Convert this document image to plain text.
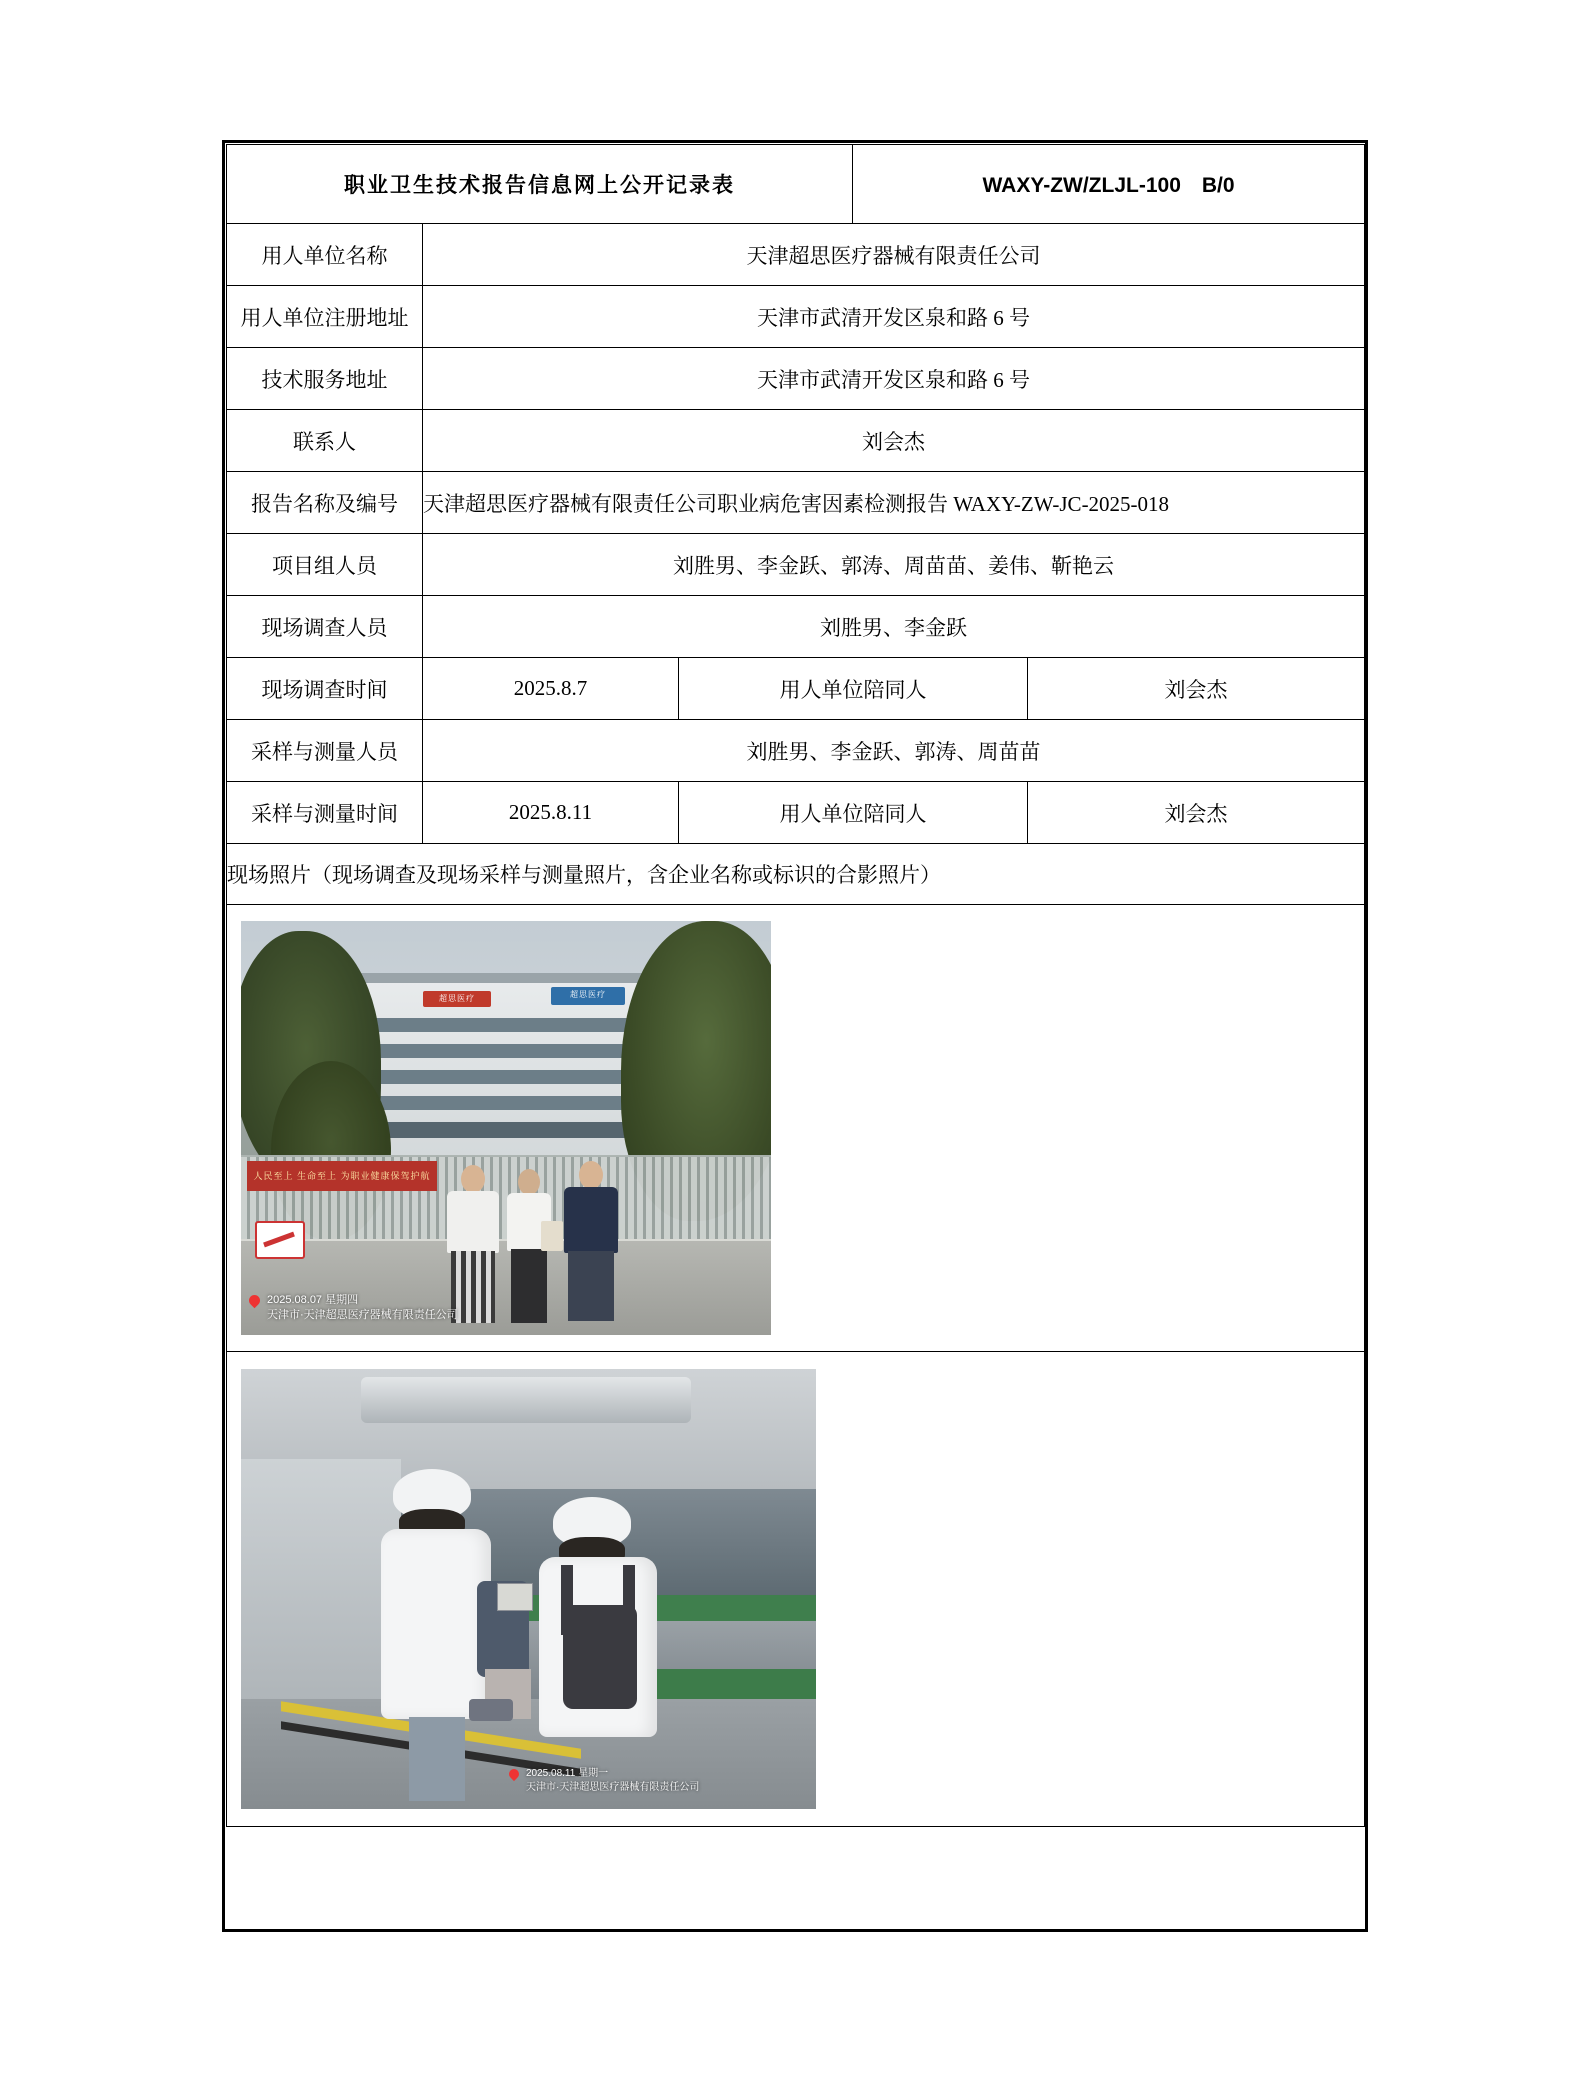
职业卫生技术报告信息网上公开记录表			WAXY-ZW/ZLJL-100　B/0	
用人单位名称	天津超思医疗器械有限责任公司			
用人单位注册地址	天津市武清开发区泉和路 6 号			
技术服务地址	天津市武清开发区泉和路 6 号			
联系人	刘会杰			
报告名称及编号	天津超思医疗器械有限责任公司职业病危害因素检测报告 WAXY-ZW-JC-2025-018			
项目组人员	刘胜男、李金跃、郭涛、周苗苗、姜伟、靳艳云			
现场调查人员	刘胜男、李金跃			
现场调查时间	2025.8.7	用人单位陪同人		刘会杰
采样与测量人员	刘胜男、李金跃、郭涛、周苗苗			
采样与测量时间	2025.8.11	用人单位陪同人		刘会杰
现场照片（现场调查及现场采样与测量照片，含企业名称或标识的合影照片）				

超思医疗 超思医疗
人民至上 生命至上 为职业健康保驾护航
2025.08.07 星期四
天津市·天津超思医疗器械有限责任公司				

2025.08.11 星期一
天津市·天津超思医疗器械有限责任公司				
